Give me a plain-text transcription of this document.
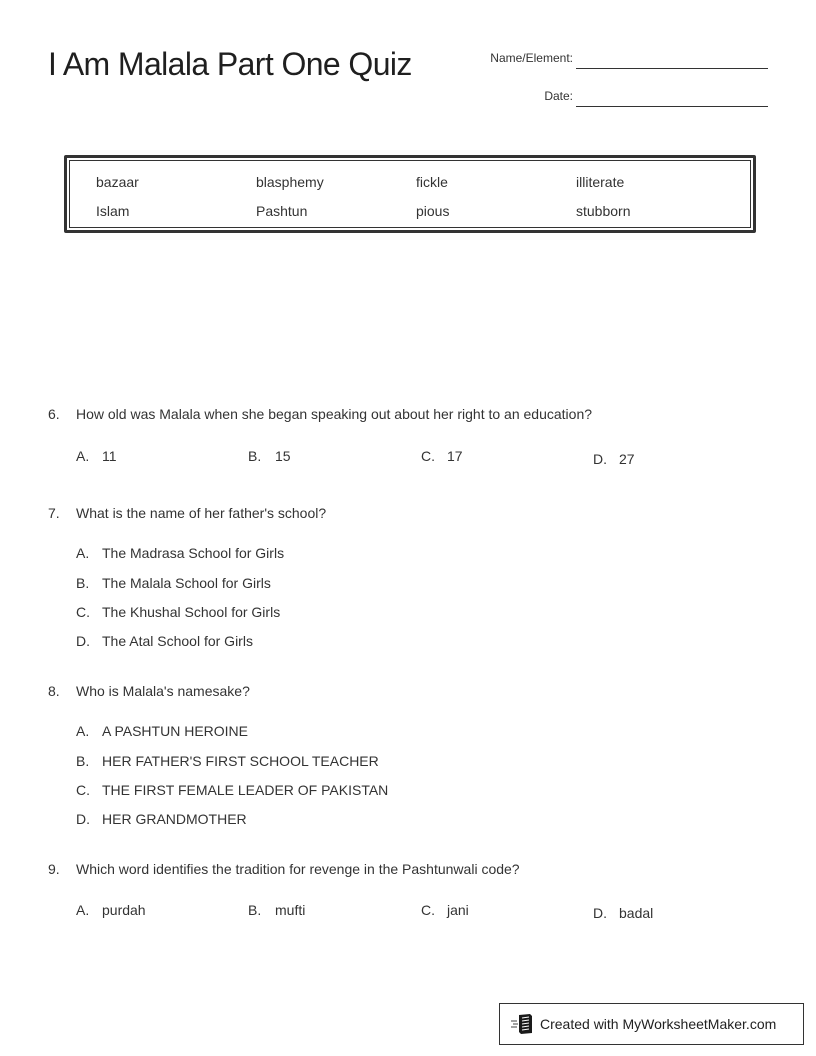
I Am Malala Part One Quiz	Name/Element:
Date:
bazaar	blasphemy	fickle	illiterate
Islam	Pashtun	pious	stubborn
6. How old was Malala when she began speaking out about her right to an education?
A. 11	B. 15	C. 17	D. 27
7. What is the name of her father's school?
A. The Madrasa School for Girls
B. The Malala School for Girls
C. The Khushal School for Girls
D. The Atal School for Girls
8. Who is Malala's namesake?
A. A PASHTUN HEROINE
B. HER FATHER'S FIRST SCHOOL TEACHER
C. THE FIRST FEMALE LEADER OF PAKISTAN
D. HER GRANDMOTHER
9. Which word identifies the tradition for revenge in the Pashtunwali code?
A. purdah	B. mufti	C. jani	D. badal
Created with MyWorksheetMaker.com
